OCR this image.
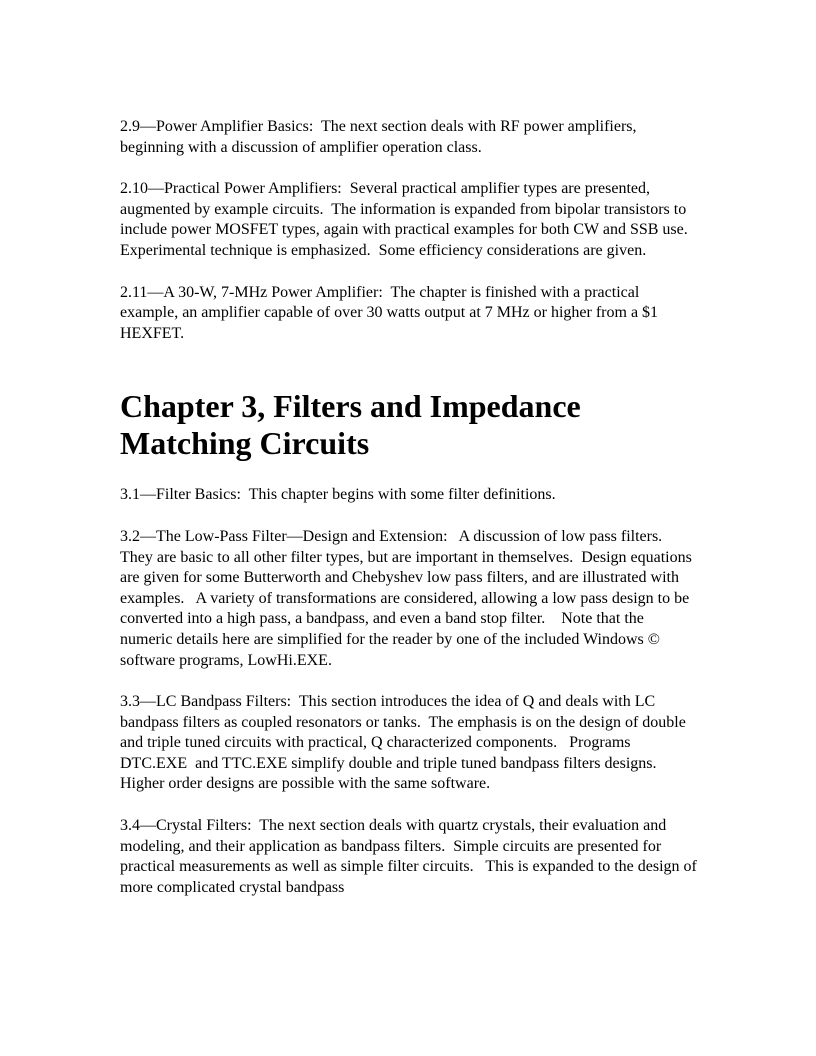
2.9—Power Amplifier Basics:  The next section deals with RF power amplifiers, beginning with a discussion of amplifier operation class.

2.10—Practical Power Amplifiers:  Several practical amplifier types are presented, augmented by example circuits.  The information is expanded from bipolar transistors to include power MOSFET types, again with practical examples for both CW and SSB use.  Experimental technique is emphasized.  Some efficiency considerations are given.

2.11—A 30-W, 7-MHz Power Amplifier:  The chapter is finished with a practical example, an amplifier capable of over 30 watts output at 7 MHz or higher from a $1 HEXFET.

Chapter 3, Filters and Impedance Matching Circuits

3.1—Filter Basics:  This chapter begins with some filter definitions.

3.2—The Low-Pass Filter—Design and Extension:   A discussion of low pass filters.   They are basic to all other filter types, but are important in themselves.  Design equations are given for some Butterworth and Chebyshev low pass filters, and are illustrated with examples.   A variety of transformations are considered, allowing a low pass design to be converted into a high pass, a bandpass, and even a band stop filter.    Note that the numeric details here are simplified for the reader by one of the included Windows © software programs, LowHi.EXE.

3.3—LC Bandpass Filters:  This section introduces the idea of Q and deals with LC bandpass filters as coupled resonators or tanks.  The emphasis is on the design of double and triple tuned circuits with practical, Q characterized components.   Programs DTC.EXE  and TTC.EXE simplify double and triple tuned bandpass filters designs. Higher order designs are possible with the same software.

3.4—Crystal Filters:  The next section deals with quartz crystals, their evaluation and modeling, and their application as bandpass filters.  Simple circuits are presented for practical measurements as well as simple filter circuits.   This is expanded to the design of more complicated crystal bandpass
